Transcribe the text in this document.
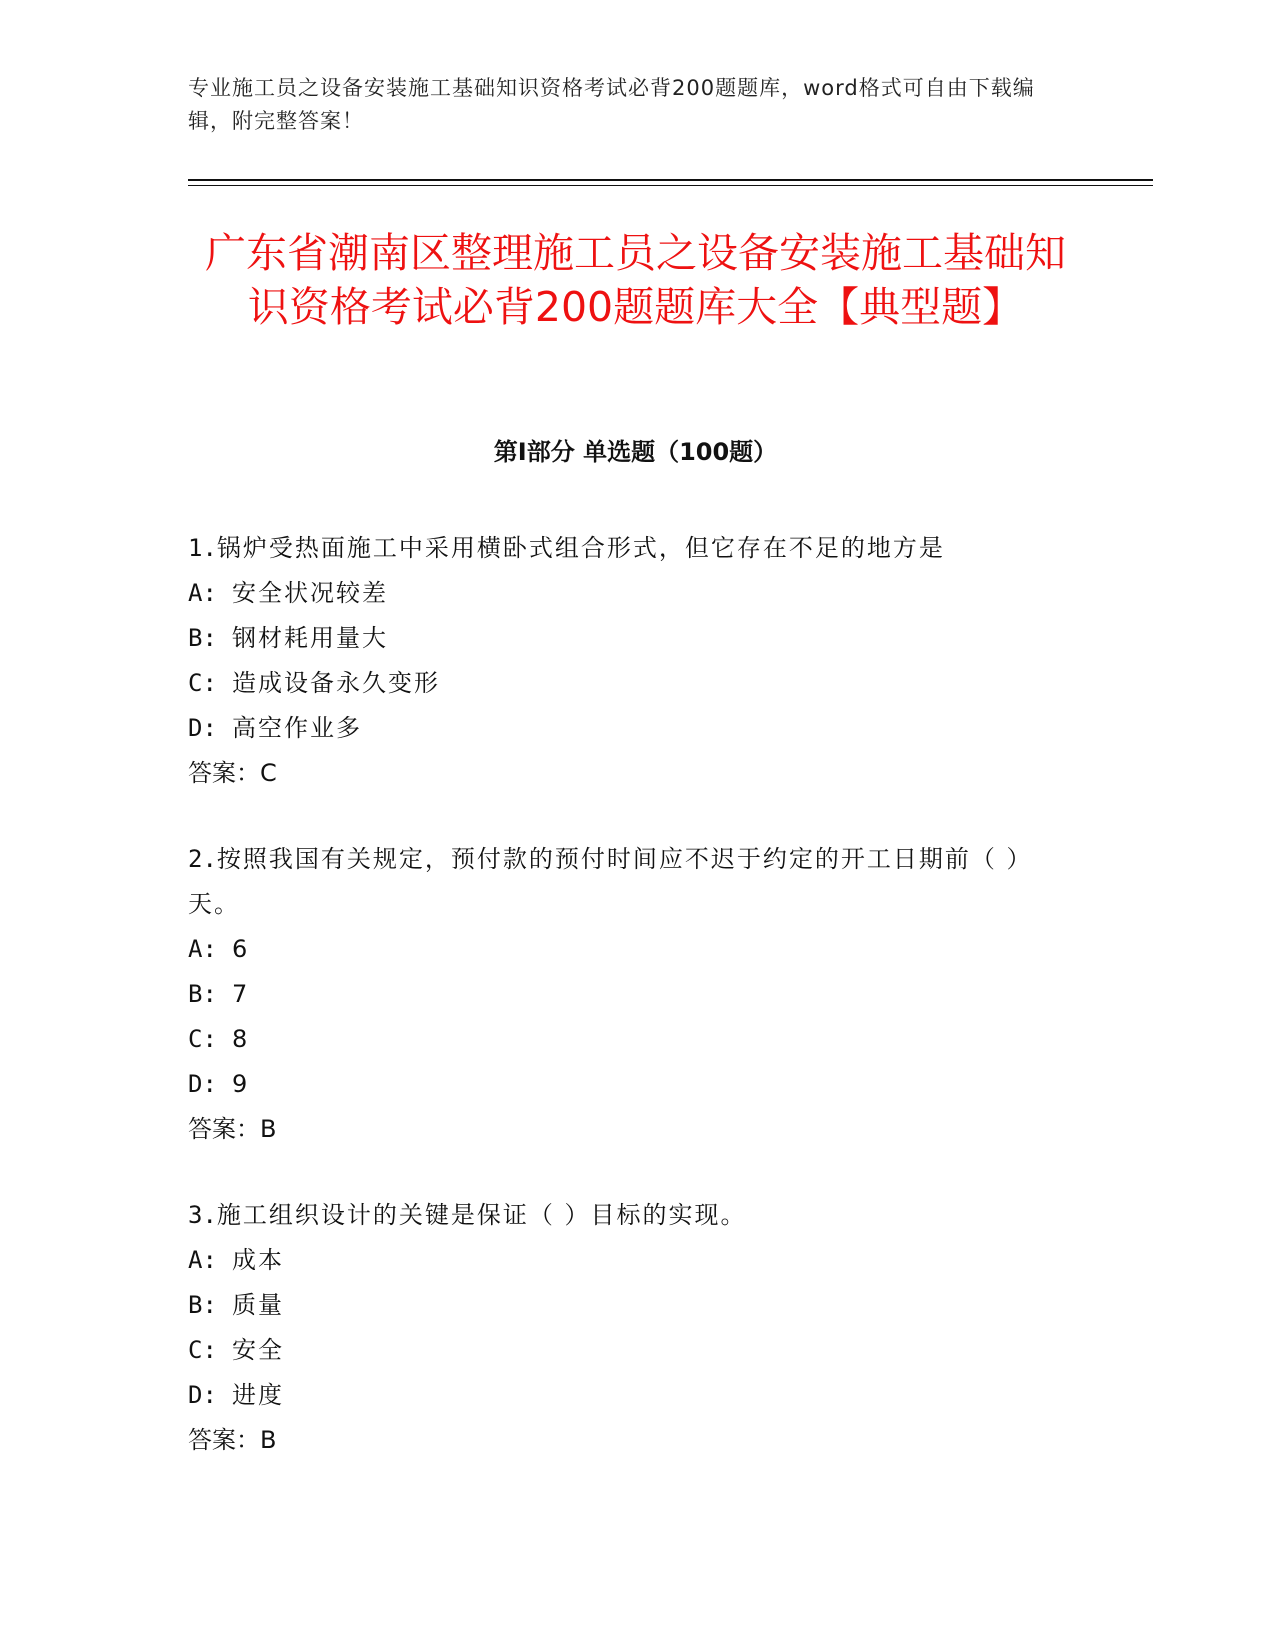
专业施工员之设备安装施工基础知识资格考试必背200题题库，word格式可自由下载编辑，附完整答案！
广东省潮南区整理施工员之设备安装施工基础知识资格考试必背200题题库大全【典型题】
第Ⅰ部分 单选题（100题）

1.锅炉受热面施工中采用横卧式组合形式，但它存在不足的地方是

A: 安全状况较差

B: 钢材耗用量大

C: 造成设备永久变形

D: 高空作业多

答案：C

2.按照我国有关规定，预付款的预付时间应不迟于约定的开工日期前（ ）天。

A: 6

B: 7

C: 8

D: 9

答案：B

3.施工组织设计的关键是保证（ ）目标的实现。

A: 成本

B: 质量

C: 安全

D: 进度

答案：B
